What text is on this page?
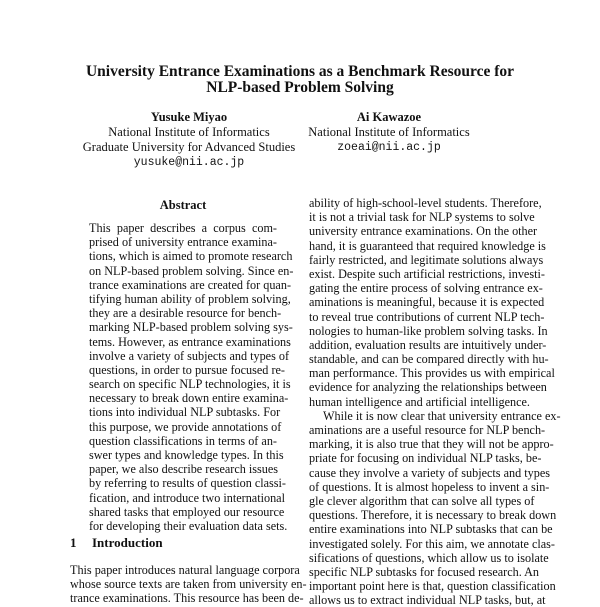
University Entrance Examinations as a Benchmark Resource for
NLP-based Problem Solving
Yusuke Miyao
National Institute of Informatics
Graduate University for Advanced Studies
yusuke@nii.ac.jp
Ai Kawazoe
National Institute of Informatics
zoeai@nii.ac.jp
Abstract
This paper describes a corpus com-
prised of university entrance examina-
tions, which is aimed to promote research
on NLP-based problem solving. Since en-
trance examinations are created for quan-
tifying human ability of problem solving,
they are a desirable resource for bench-
marking NLP-based problem solving sys-
tems. However, as entrance examinations
involve a variety of subjects and types of
questions, in order to pursue focused re-
search on specific NLP technologies, it is
necessary to break down entire examina-
tions into individual NLP subtasks. For
this purpose, we provide annotations of
question classifications in terms of an-
swer types and knowledge types. In this
paper, we also describe research issues
by referring to results of question classi-
fication, and introduce two international
shared tasks that employed our resource
for developing their evaluation data sets.
1 Introduction
This paper introduces natural language corpora
whose source texts are taken from university en-
trance examinations. This resource has been de-
ability of high-school-level students. Therefore,
it is not a trivial task for NLP systems to solve
university entrance examinations. On the other
hand, it is guaranteed that required knowledge is
fairly restricted, and legitimate solutions always
exist. Despite such artificial restrictions, investi-
gating the entire process of solving entrance ex-
aminations is meaningful, because it is expected
to reveal true contributions of current NLP tech-
nologies to human-like problem solving tasks. In
addition, evaluation results are intuitively under-
standable, and can be compared directly with hu-
man performance. This provides us with empirical
evidence for analyzing the relationships between
human intelligence and artificial intelligence.
While it is now clear that university entrance ex-
aminations are a useful resource for NLP bench-
marking, it is also true that they will not be appro-
priate for focusing on individual NLP tasks, be-
cause they involve a variety of subjects and types
of questions. It is almost hopeless to invent a sin-
gle clever algorithm that can solve all types of
questions. Therefore, it is necessary to break down
entire examinations into NLP subtasks that can be
investigated solely. For this aim, we annotate clas-
sifications of questions, which allow us to isolate
specific NLP subtasks for focused research. An
important point here is that, question classification
allows us to extract individual NLP tasks, but, at
